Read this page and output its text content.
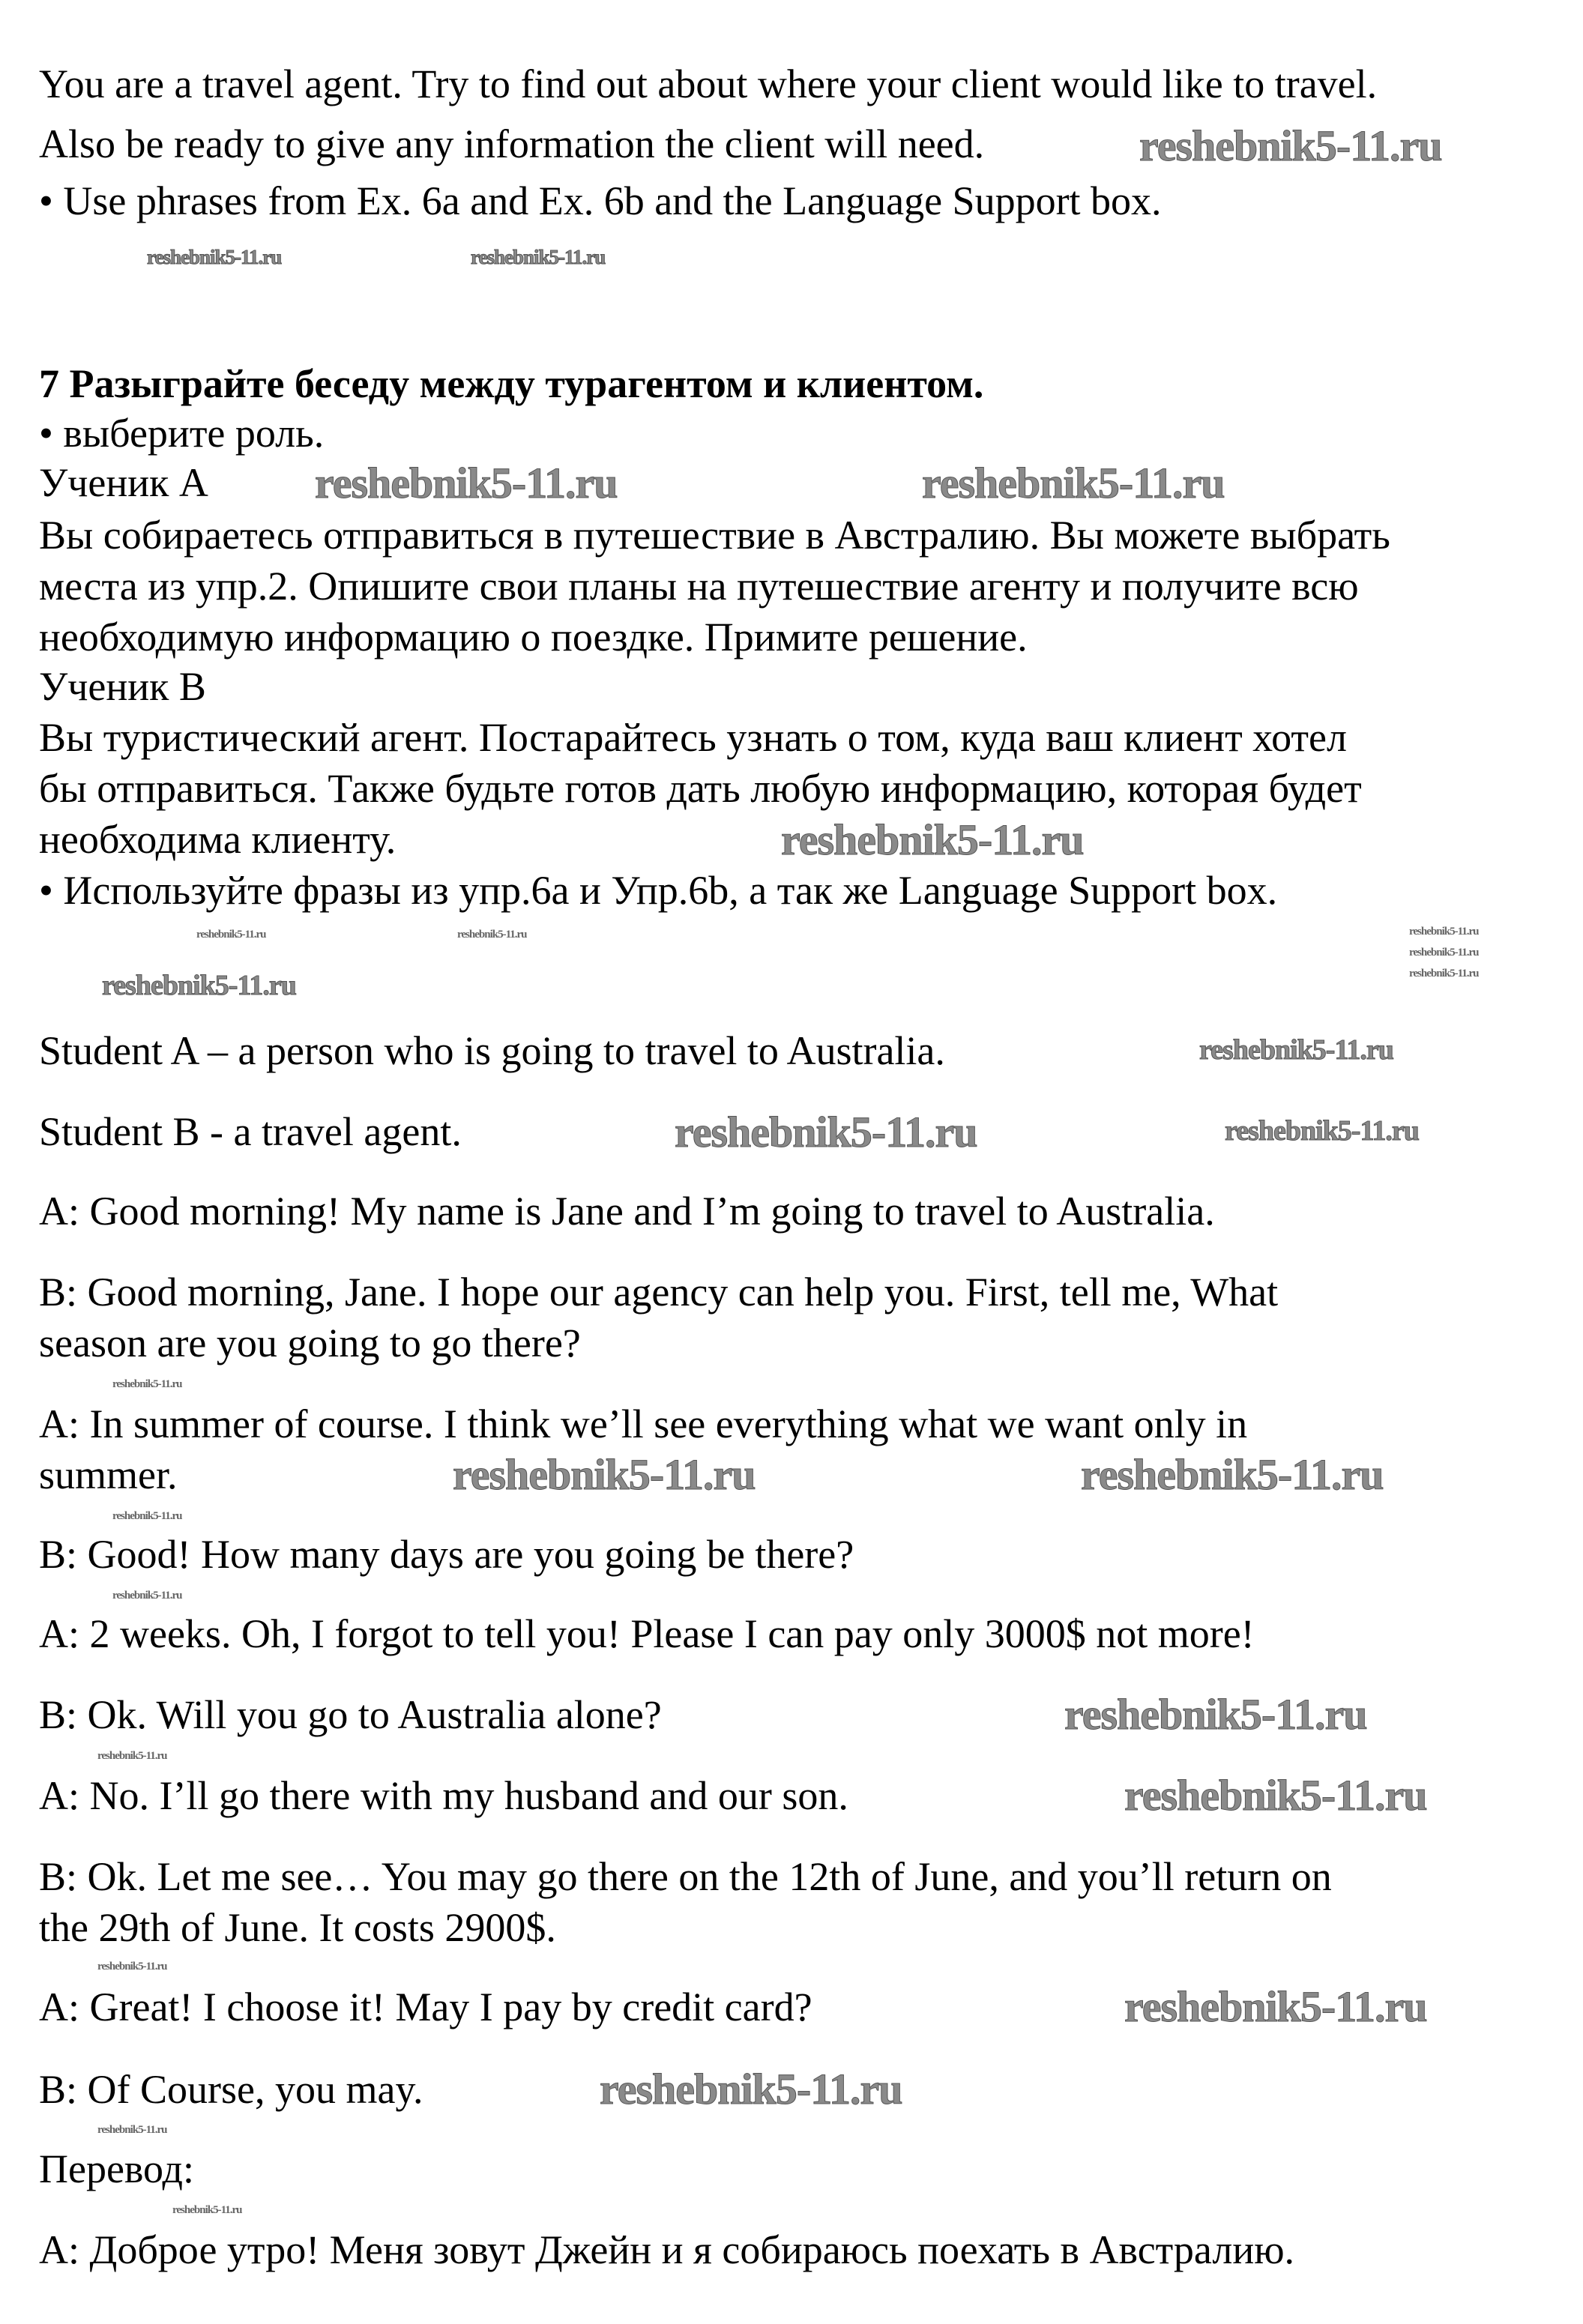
You are a travel agent. Try to find out about where your client would like to travel.

Also be ready to give any information the client will need.

• Use phrases from Ex. 6a and Ex. 6b and the Language Support box.

7 Разыграйте беседу между турагентом и клиентом.

• выберите роль.

Ученик A

Вы собираетесь отправиться в путешествие в Австралию. Вы можете выбрать
места из упр.2. Опишите свои планы на путешествие агенту и получите всю
необходимую информацию о поездке. Примите решение.

Ученик B

Вы туристический агент. Постарайтесь узнать о том, куда ваш клиент хотел
бы отправиться. Также будьте готов дать любую информацию, которая будет
необходима клиенту.

• Используйте фразы из упр.6а и Упр.6b, а так же Language Support box.

Student A – a person who is going to travel to Australia.

Student B - a travel agent.

A: Good morning! My name is Jane and I’m going to travel to Australia.

B: Good morning, Jane. I hope our agency can help you. First, tell me, What
season are you going to go there?

A: In summer of course. I think we’ll see everything what we want only in
summer.

B: Good! How many days are you going be there?

A: 2 weeks. Oh, I forgot to tell you! Please I can pay only 3000$ not more!

B: Ok. Will you go to Australia alone?

A: No. I’ll go there with my husband and our son.

B: Ok. Let me see… You may go there on the 12th of June, and you’ll return on
the 29th of June. It costs 2900$.

A: Great! I choose it! May I pay by credit card?

B: Of Course, you may.

Перевод:

A: Доброе утро! Меня зовут Джейн и я собираюсь поехать в Австралию.

reshebnik5-11.ru
reshebnik5-11.ru	reshebnik5-11.ru
reshebnik5-11.ru	reshebnik5-11.ru
reshebnik5-11.ru	reshebnik5-11.ru	reshebnik5-11.ru
reshebnik5-11.ru
reshebnik5-11.ru
reshebnik5-11.ru
reshebnik5-11.ru
reshebnik5-11.ru
reshebnik5-11.ru
reshebnik5-11.ru
reshebnik5-11.ru
reshebnik5-11.ru	reshebnik5-11.ru
reshebnik5-11.ru
reshebnik5-11.ru
reshebnik5-11.ru
reshebnik5-11.ru
reshebnik5-11.ru
reshebnik5-11.ru
reshebnik5-11.ru
reshebnik5-11.ru
reshebnik5-11.ru
reshebnik5-11.ru
